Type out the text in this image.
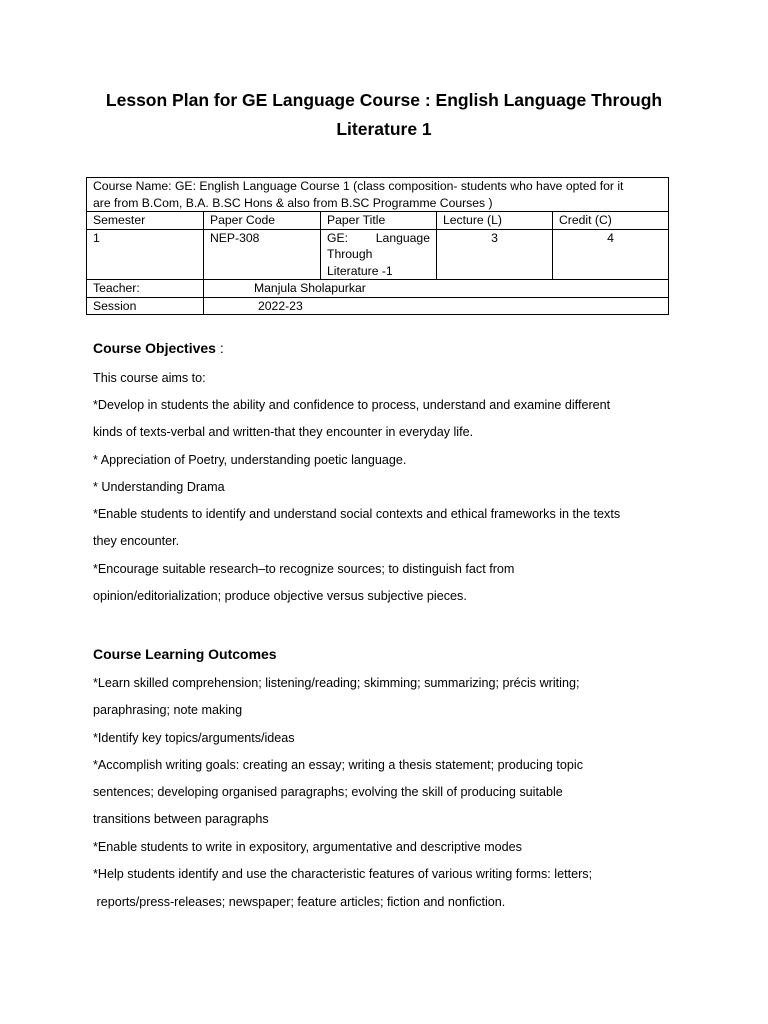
Lesson Plan for GE Language Course : English Language Through
Literature 1
Course Name: GE: English Language Course 1 (class composition- students who have opted for it
are from B.Com, B.A. B.SC Hons & also from B.SC Programme Courses )				
Semester	Paper Code	Paper Title	Lecture (L)	Credit (C)
1	NEP-308	GE: Language
Through
Literature -1	3	4
Teacher:	Manjula Sholapurkar			
Session	2022-23			
Course Objectives :

This course aims to:

*Develop in students the ability and confidence to process, understand and examine different

kinds of texts-verbal and written-that they encounter in everyday life.

* Appreciation of Poetry, understanding poetic language.

* Understanding Drama

*Enable students to identify and understand social contexts and ethical frameworks in the texts

they encounter.

*Encourage suitable research–to recognize sources; to distinguish fact from

opinion/editorialization; produce objective versus subjective pieces.

Course Learning Outcomes

*Learn skilled comprehension; listening/reading; skimming; summarizing; précis writing;

paraphrasing; note making

*Identify key topics/arguments/ideas

*Accomplish writing goals: creating an essay; writing a thesis statement; producing topic

sentences; developing organised paragraphs; evolving the skill of producing suitable

transitions between paragraphs

*Enable students to write in expository, argumentative and descriptive modes

*Help students identify and use the characteristic features of various writing forms: letters;

reports/press-releases; newspaper; feature articles; fiction and nonfiction.
